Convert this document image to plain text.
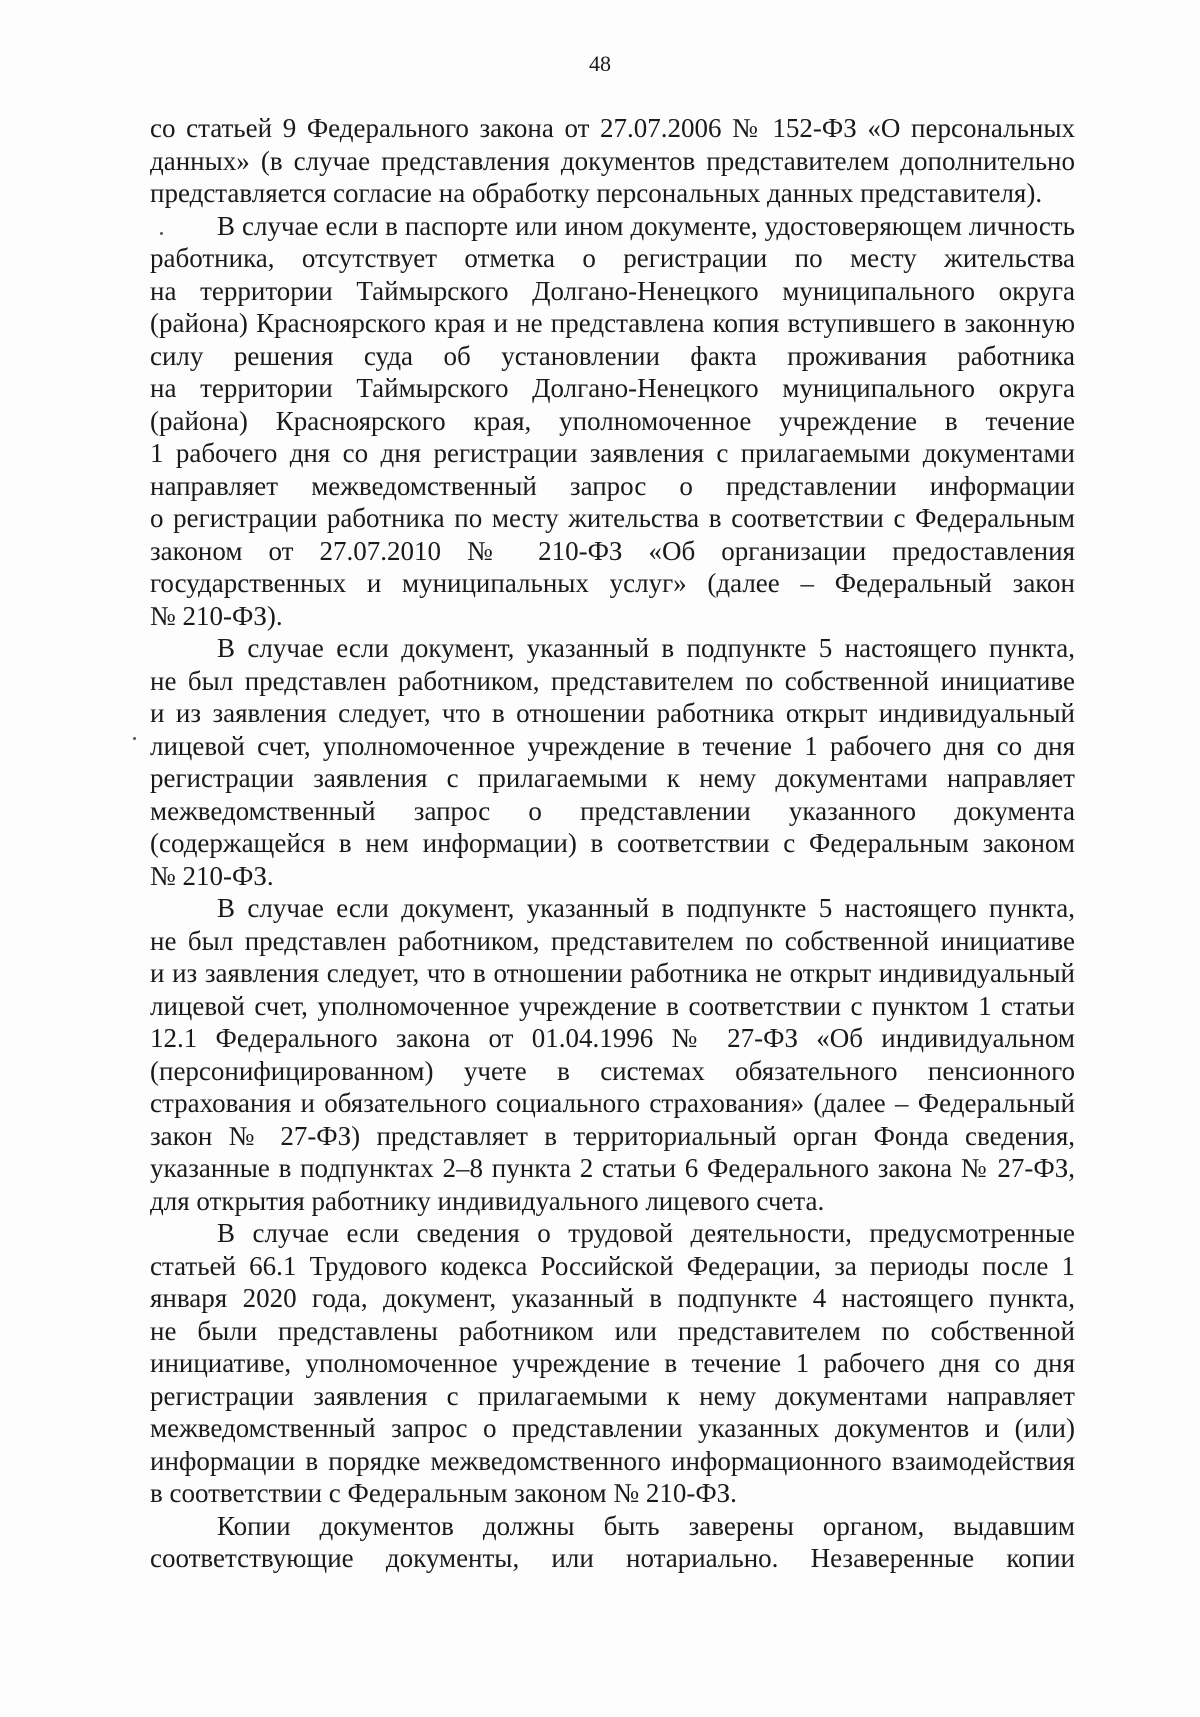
48
со статьей 9 Федерального закона от 27.07.2006 № 152-ФЗ «О персональных
данных» (в случае представления документов представителем дополнительно
представляется согласие на обработку персональных данных представителя).
В случае если в паспорте или ином документе, удостоверяющем личность
работника, отсутствует отметка о регистрации по месту жительства
на территории Таймырского Долгано-Ненецкого муниципального округа
(района) Красноярского края и не представлена копия вступившего в законную
силу решения суда об установлении факта проживания работника
на территории Таймырского Долгано-Ненецкого муниципального округа
(района) Красноярского края, уполномоченное учреждение в течение
1 рабочего дня со дня регистрации заявления с прилагаемыми документами
направляет межведомственный запрос о представлении информации
о регистрации работника по месту жительства в соответствии с Федеральным
законом от 27.07.2010 № 210-ФЗ «Об организации предоставления
государственных и муниципальных услуг» (далее – Федеральный закон
№ 210-ФЗ).
В случае если документ, указанный в подпункте 5 настоящего пункта,
не был представлен работником, представителем по собственной инициативе
и из заявления следует, что в отношении работника открыт индивидуальный
лицевой счет, уполномоченное учреждение в течение 1 рабочего дня со дня
регистрации заявления с прилагаемыми к нему документами направляет
межведомственный запрос о представлении указанного документа
(содержащейся в нем информации) в соответствии с Федеральным законом
№ 210-ФЗ.
В случае если документ, указанный в подпункте 5 настоящего пункта,
не был представлен работником, представителем по собственной инициативе
и из заявления следует, что в отношении работника не открыт индивидуальный
лицевой счет, уполномоченное учреждение в соответствии с пунктом 1 статьи
12.1 Федерального закона от 01.04.1996 № 27-ФЗ «Об индивидуальном
(персонифицированном) учете в системах обязательного пенсионного
страхования и обязательного социального страхования» (далее – Федеральный
закон № 27-ФЗ) представляет в территориальный орган Фонда сведения,
указанные в подпунктах 2–8 пункта 2 статьи 6 Федерального закона № 27-ФЗ,
для открытия работнику индивидуального лицевого счета.
В случае если сведения о трудовой деятельности, предусмотренные
статьей 66.1 Трудового кодекса Российской Федерации, за периоды после 1
января 2020 года, документ, указанный в подпункте 4 настоящего пункта,
не были представлены работником или представителем по собственной
инициативе, уполномоченное учреждение в течение 1 рабочего дня со дня
регистрации заявления с прилагаемыми к нему документами направляет
межведомственный запрос о представлении указанных документов и (или)
информации в порядке межведомственного информационного взаимодействия
в соответствии с Федеральным законом № 210-ФЗ.
Копии документов должны быть заверены органом, выдавшим
соответствующие документы, или нотариально. Незаверенные копии
